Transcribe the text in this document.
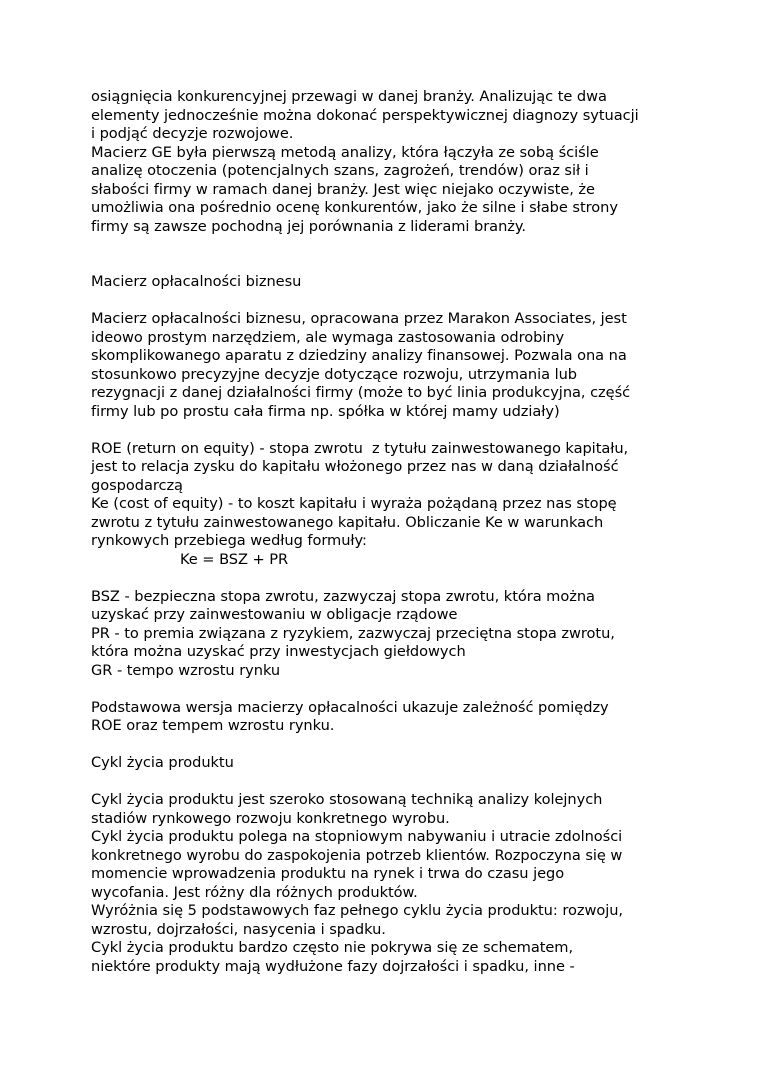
osiągnięcia konkurencyjnej przewagi w danej branży. Analizując te dwa
elementy jednocześnie można dokonać perspektywicznej diagnozy sytuacji
i podjąć decyzje rozwojowe.
Macierz GE była pierwszą metodą analizy, która łączyła ze sobą ściśle
analizę otoczenia (potencjalnych szans, zagrożeń, trendów) oraz sił i
słabości firmy w ramach danej branży. Jest więc niejako oczywiste, że
umożliwia ona pośrednio ocenę konkurentów, jako że silne i słabe strony
firmy są zawsze pochodną jej porównania z liderami branży.
Macierz opłacalności biznesu
Macierz opłacalności biznesu, opracowana przez Marakon Associates, jest
ideowo prostym narzędziem, ale wymaga zastosowania odrobiny
skomplikowanego aparatu z dziedziny analizy finansowej. Pozwala ona na
stosunkowo precyzyjne decyzje dotyczące rozwoju, utrzymania lub
rezygnacji z danej działalności firmy (może to być linia produkcyjna, część
firmy lub po prostu cała firma np. spółka w której mamy udziały)
ROE (return on equity) - stopa zwrotu  z tytułu zainwestowanego kapitału,
jest to relacja zysku do kapitału włożonego przez nas w daną działalność
gospodarczą
Ke (cost of equity) - to koszt kapitału i wyraża pożądaną przez nas stopę
zwrotu z tytułu zainwestowanego kapitału. Obliczanie Ke w warunkach
rynkowych przebiega według formuły:
Ke = BSZ + PR
BSZ - bezpieczna stopa zwrotu, zazwyczaj stopa zwrotu, która można
uzyskać przy zainwestowaniu w obligacje rządowe
PR - to premia związana z ryzykiem, zazwyczaj przeciętna stopa zwrotu,
która można uzyskać przy inwestycjach giełdowych
GR - tempo wzrostu rynku
Podstawowa wersja macierzy opłacalności ukazuje zależność pomiędzy
ROE oraz tempem wzrostu rynku.
Cykl życia produktu
Cykl życia produktu jest szeroko stosowaną techniką analizy kolejnych
stadiów rynkowego rozwoju konkretnego wyrobu.
Cykl życia produktu polega na stopniowym nabywaniu i utracie zdolności
konkretnego wyrobu do zaspokojenia potrzeb klientów. Rozpoczyna się w
momencie wprowadzenia produktu na rynek i trwa do czasu jego
wycofania. Jest różny dla różnych produktów.
Wyróżnia się 5 podstawowych faz pełnego cyklu życia produktu: rozwoju,
wzrostu, dojrzałości, nasycenia i spadku.
Cykl życia produktu bardzo często nie pokrywa się ze schematem,
niektóre produkty mają wydłużone fazy dojrzałości i spadku, inne -
